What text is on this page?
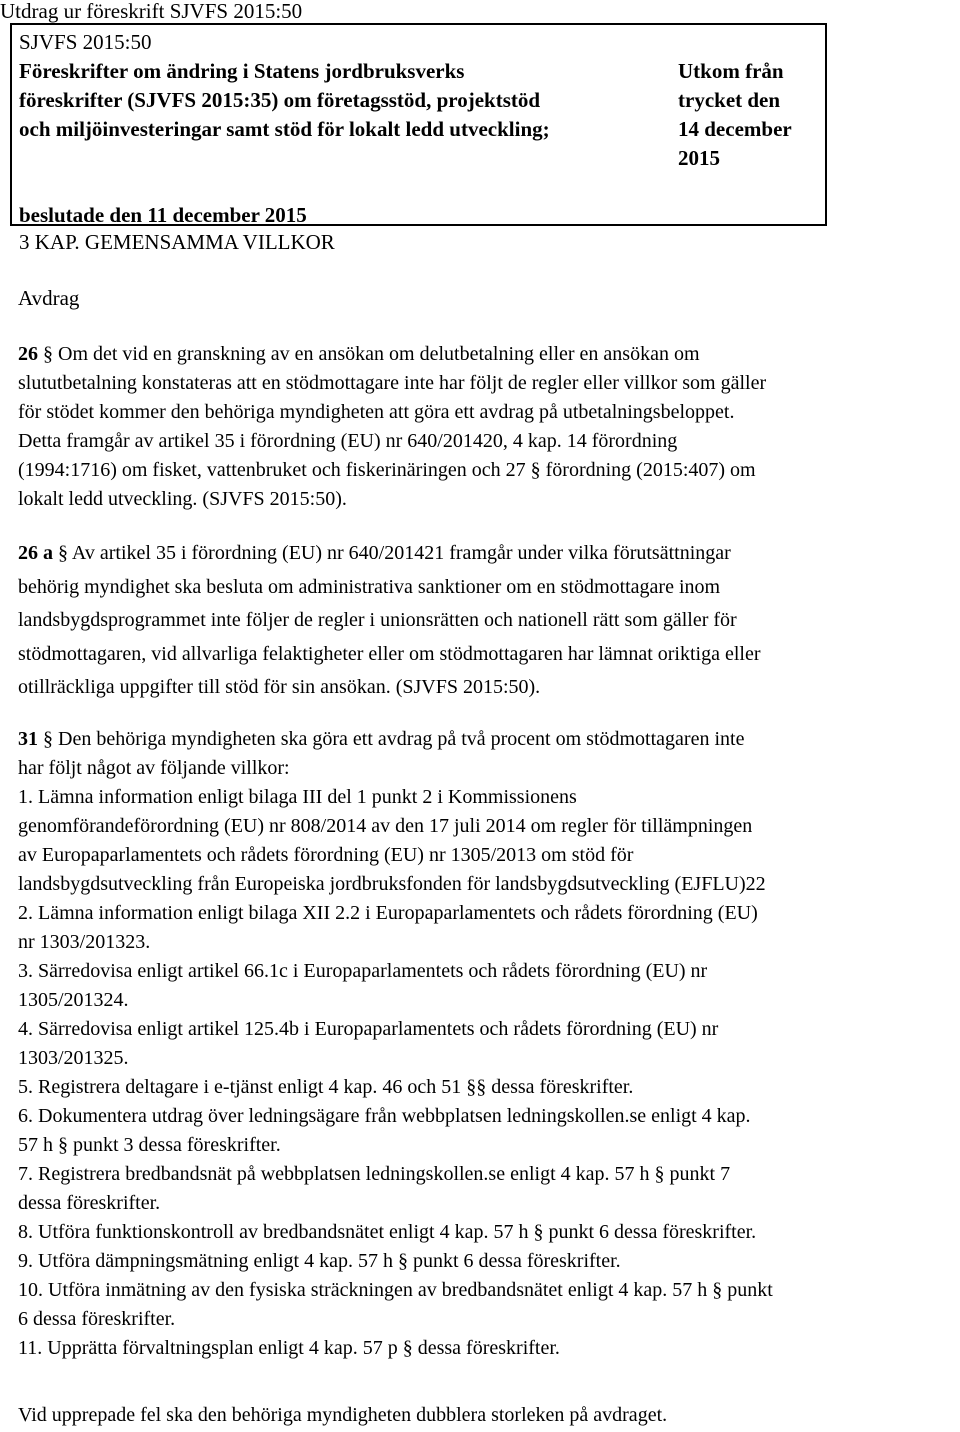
Utdrag ur föreskrift SJVFS 2015:50
SJVFS 2015:50
Föreskrifter om ändring i Statens jordbruksverks
föreskrifter (SJVFS 2015:35) om företagsstöd, projektstöd
och miljöinvesteringar samt stöd för lokalt ledd utveckling;
Utkom från
trycket den
14 december
2015
beslutade den 11 december 2015
3 KAP. GEMENSAMMA VILLKOR
Avdrag
26 § Om det vid en granskning av en ansökan om delutbetalning eller en ansökan om
slututbetalning konstateras att en stödmottagare inte har följt de regler eller villkor som gäller
för stödet kommer den behöriga myndigheten att göra ett avdrag på utbetalningsbeloppet.
Detta framgår av artikel 35 i förordning (EU) nr 640/201420, 4 kap. 14 förordning
(1994:1716) om fisket, vattenbruket och fiskerinäringen och 27 § förordning (2015:407) om
lokalt ledd utveckling. (SJVFS 2015:50).
26 a § Av artikel 35 i förordning (EU) nr 640/201421 framgår under vilka förutsättningar
behörig myndighet ska besluta om administrativa sanktioner om en stödmottagare inom
landsbygdsprogrammet inte följer de regler i unionsrätten och nationell rätt som gäller för
stödmottagaren, vid allvarliga felaktigheter eller om stödmottagaren har lämnat oriktiga eller
otillräckliga uppgifter till stöd för sin ansökan. (SJVFS 2015:50).
31 § Den behöriga myndigheten ska göra ett avdrag på två procent om stödmottagaren inte
har följt något av följande villkor:
1. Lämna information enligt bilaga III del 1 punkt 2 i Kommissionens
genomförandeförordning (EU) nr 808/2014 av den 17 juli 2014 om regler för tillämpningen
av Europaparlamentets och rådets förordning (EU) nr 1305/2013 om stöd för
landsbygdsutveckling från Europeiska jordbruksfonden för landsbygdsutveckling (EJFLU)22
2. Lämna information enligt bilaga XII 2.2 i Europaparlamentets och rådets förordning (EU)
nr 1303/201323.
3. Särredovisa enligt artikel 66.1c i Europaparlamentets och rådets förordning (EU) nr
1305/201324.
4. Särredovisa enligt artikel 125.4b i Europaparlamentets och rådets förordning (EU) nr
1303/201325.
5. Registrera deltagare i e-tjänst enligt 4 kap. 46 och 51 §§ dessa föreskrifter.
6. Dokumentera utdrag över ledningsägare från webbplatsen ledningskollen.se enligt 4 kap.
57 h § punkt 3 dessa föreskrifter.
7. Registrera bredbandsnät på webbplatsen ledningskollen.se enligt 4 kap. 57 h § punkt 7
dessa föreskrifter.
8. Utföra funktionskontroll av bredbandsnätet enligt 4 kap. 57 h § punkt 6 dessa föreskrifter.
9. Utföra dämpningsmätning enligt 4 kap. 57 h § punkt 6 dessa föreskrifter.
10. Utföra inmätning av den fysiska sträckningen av bredbandsnätet enligt 4 kap. 57 h § punkt
6 dessa föreskrifter.
11. Upprätta förvaltningsplan enligt 4 kap. 57 p § dessa föreskrifter.
Vid upprepade fel ska den behöriga myndigheten dubblera storleken på avdraget.
